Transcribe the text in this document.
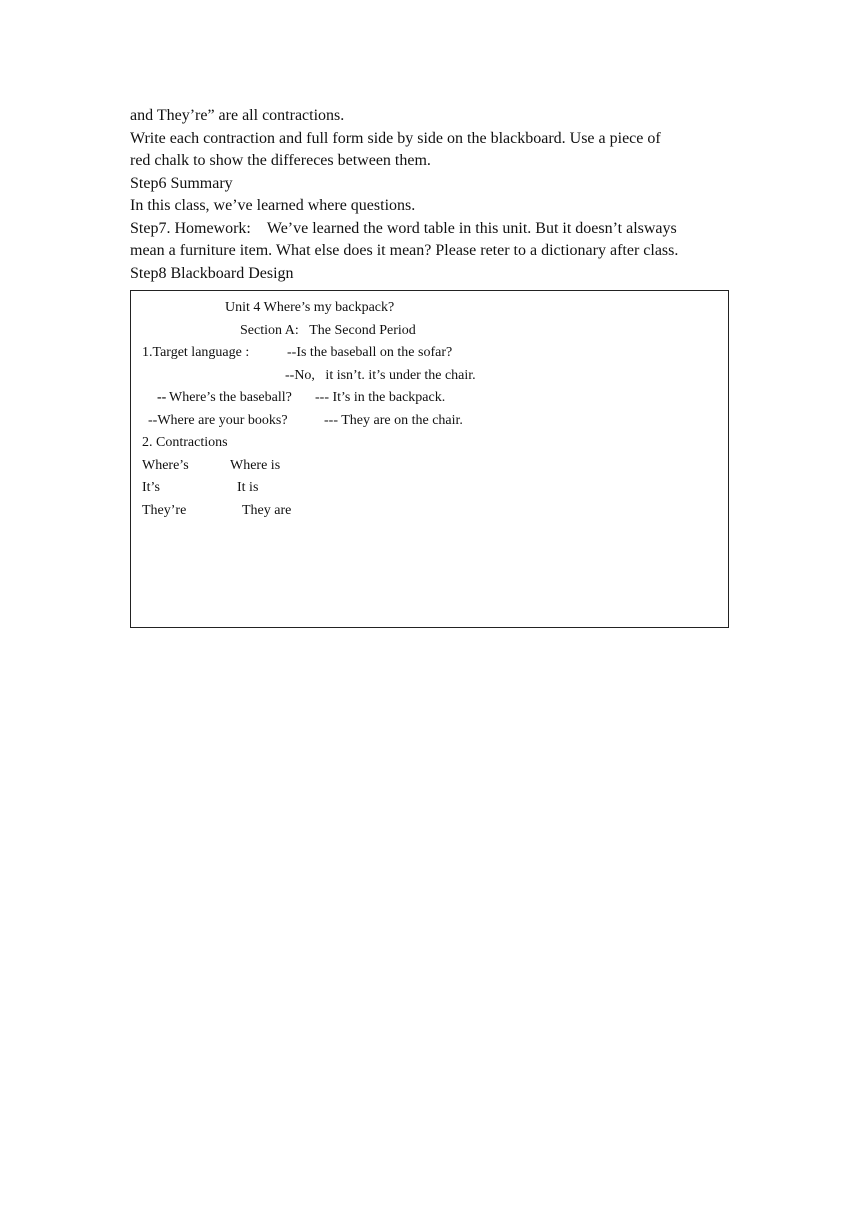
and They’re” are all contractions.
Write each contraction and full form side by side on the blackboard. Use a piece of
red chalk to show the differeces between them.
Step6 Summary
In this class, we’ve learned where questions.
Step7. Homework:    We’ve learned the word table in this unit. But it doesn’t alsways
mean a furniture item. What else does it mean? Please reter to a dictionary after class.
Step8 Blackboard Design
Unit 4 Where’s my backpack?
Section A:   The Second Period
1.Target language :	--Is the baseball on the sofar?
--No,   it isn’t. it’s under the chair.
-- Where’s the baseball? --- It’s in the backpack.
--Where are your books?	--- They are on the chair.
2. Contractions
Where’s	Where is
It’s	It is
They’re	They are
